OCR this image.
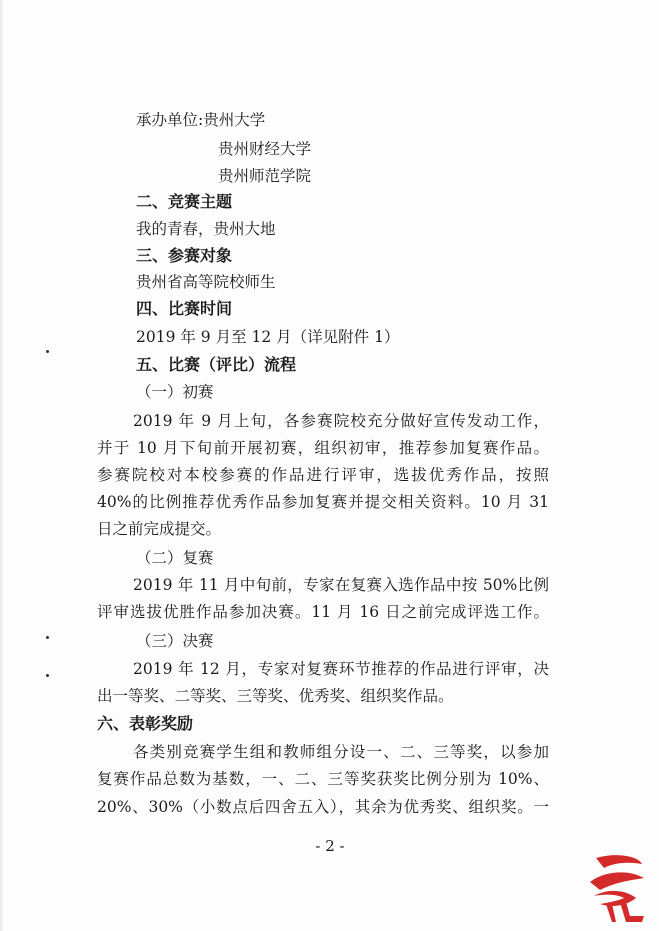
承办单位:贵州大学
贵州财经大学
贵州师范学院
二、竞赛主题
我的青春，贵州大地
三、参赛对象
贵州省高等院校师生
四、比赛时间
2019 年 9 月至 12 月（详见附件 1）
五、比赛（评比）流程
（一）初赛
2019 年 9 月上旬，各参赛院校充分做好宣传发动工作，
并于 10 月下旬前开展初赛，组织初审，推荐参加复赛作品。
参赛院校对本校参赛的作品进行评审，选拔优秀作品，按照
40%的比例推荐优秀作品参加复赛并提交相关资料。10 月 31
日之前完成提交。
（二）复赛
2019 年 11 月中旬前，专家在复赛入选作品中按 50%比例
评审选拔优胜作品参加决赛。11 月 16 日之前完成评选工作。
（三）决赛
2019 年 12 月，专家对复赛环节推荐的作品进行评审，决
出一等奖、二等奖、三等奖、优秀奖、组织奖作品。
六、表彰奖励
各类别竞赛学生组和教师组分设一、二、三等奖，以参加
复赛作品总数为基数，一、二、三等奖获奖比例分别为 10%、
20%、30%（小数点后四舍五入），其余为优秀奖、组织奖。一
- 2 -
